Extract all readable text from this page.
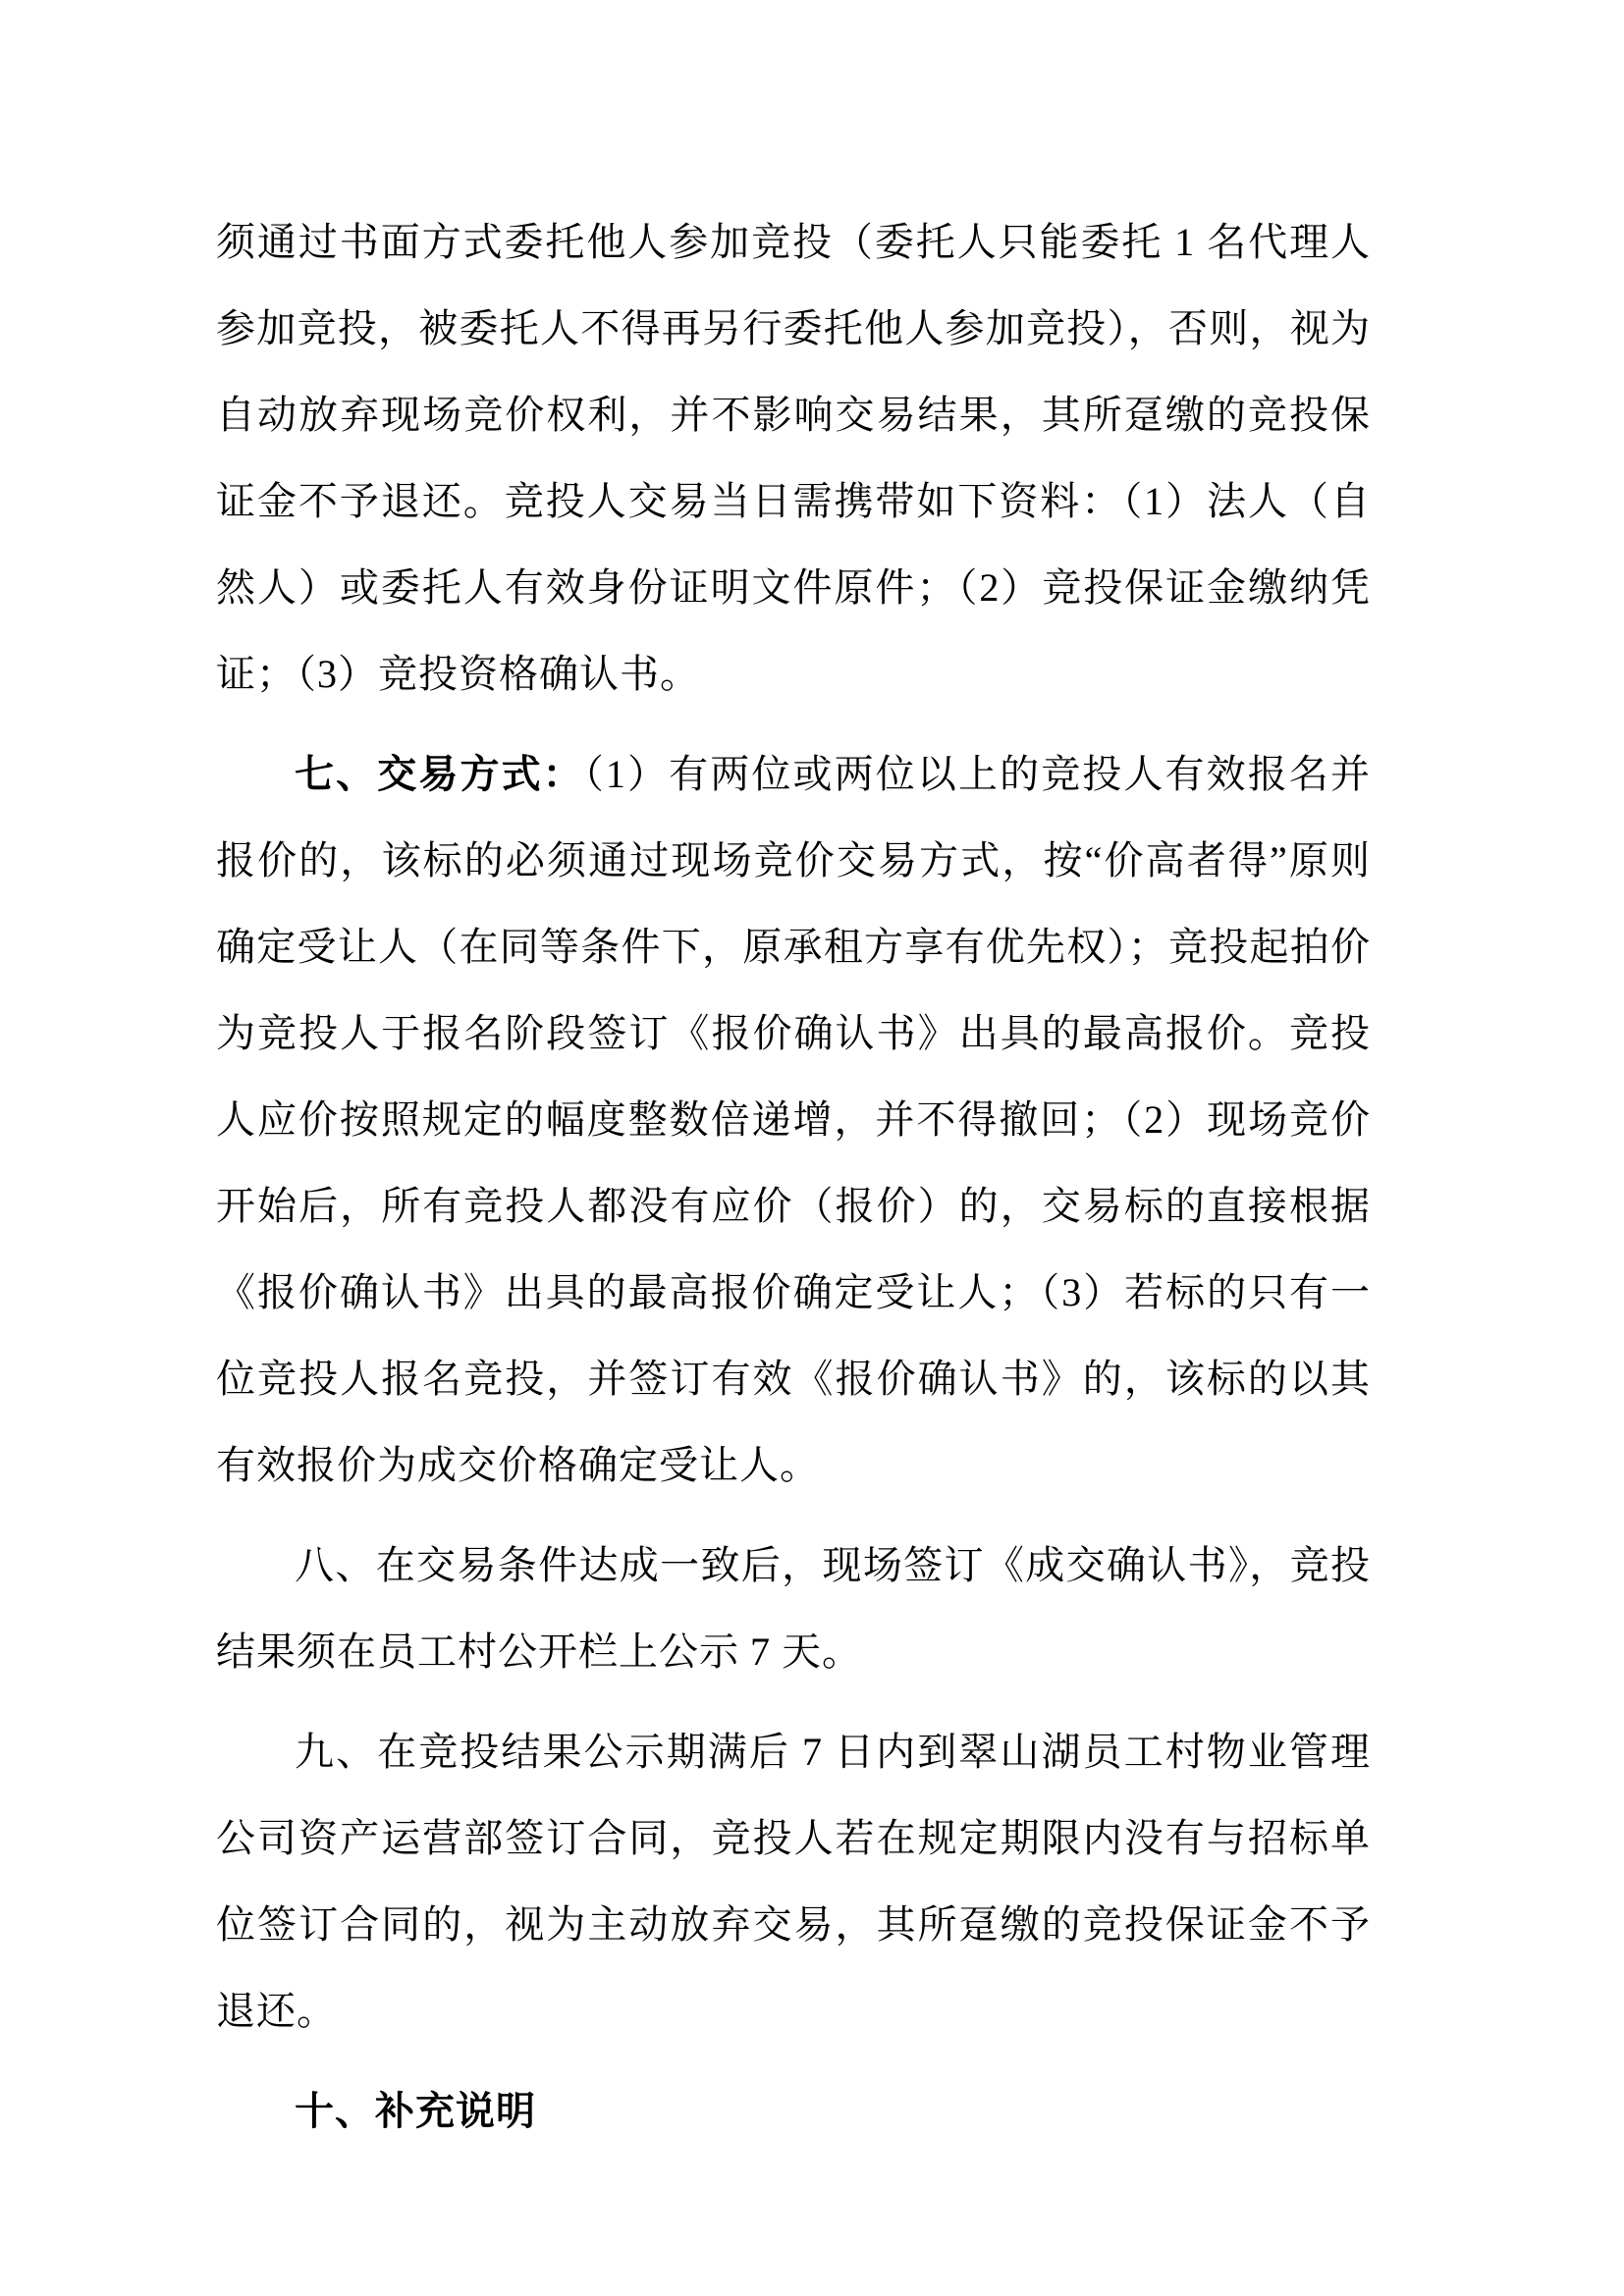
须通过书面方式委托他人参加竞投（委托人只能委托 1 名代理人参加竞投，被委托人不得再另行委托他人参加竞投），否则，视为自动放弃现场竞价权利，并不影响交易结果，其所趸缴的竞投保证金不予退还。竞投人交易当日需携带如下资料：（1）法人（自然人）或委托人有效身份证明文件原件；（2）竞投保证金缴纳凭证；（3）竞投资格确认书。

七、交易方式：（1）有两位或两位以上的竞投人有效报名并报价的，该标的必须通过现场竞价交易方式，按“价高者得”原则确定受让人（在同等条件下，原承租方享有优先权）；竞投起拍价为竞投人于报名阶段签订《报价确认书》出具的最高报价。竞投人应价按照规定的幅度整数倍递增，并不得撤回；（2）现场竞价开始后，所有竞投人都没有应价（报价）的，交易标的直接根据《报价确认书》出具的最高报价确定受让人；（3）若标的只有一位竞投人报名竞投，并签订有效《报价确认书》的，该标的以其有效报价为成交价格确定受让人。

八、在交易条件达成一致后，现场签订《成交确认书》，竞投结果须在员工村公开栏上公示 7 天。

九、在竞投结果公示期满后 7 日内到翠山湖员工村物业管理公司资产运营部签订合同，竞投人若在规定期限内没有与招标单位签订合同的，视为主动放弃交易，其所趸缴的竞投保证金不予退还。

十、补充说明
